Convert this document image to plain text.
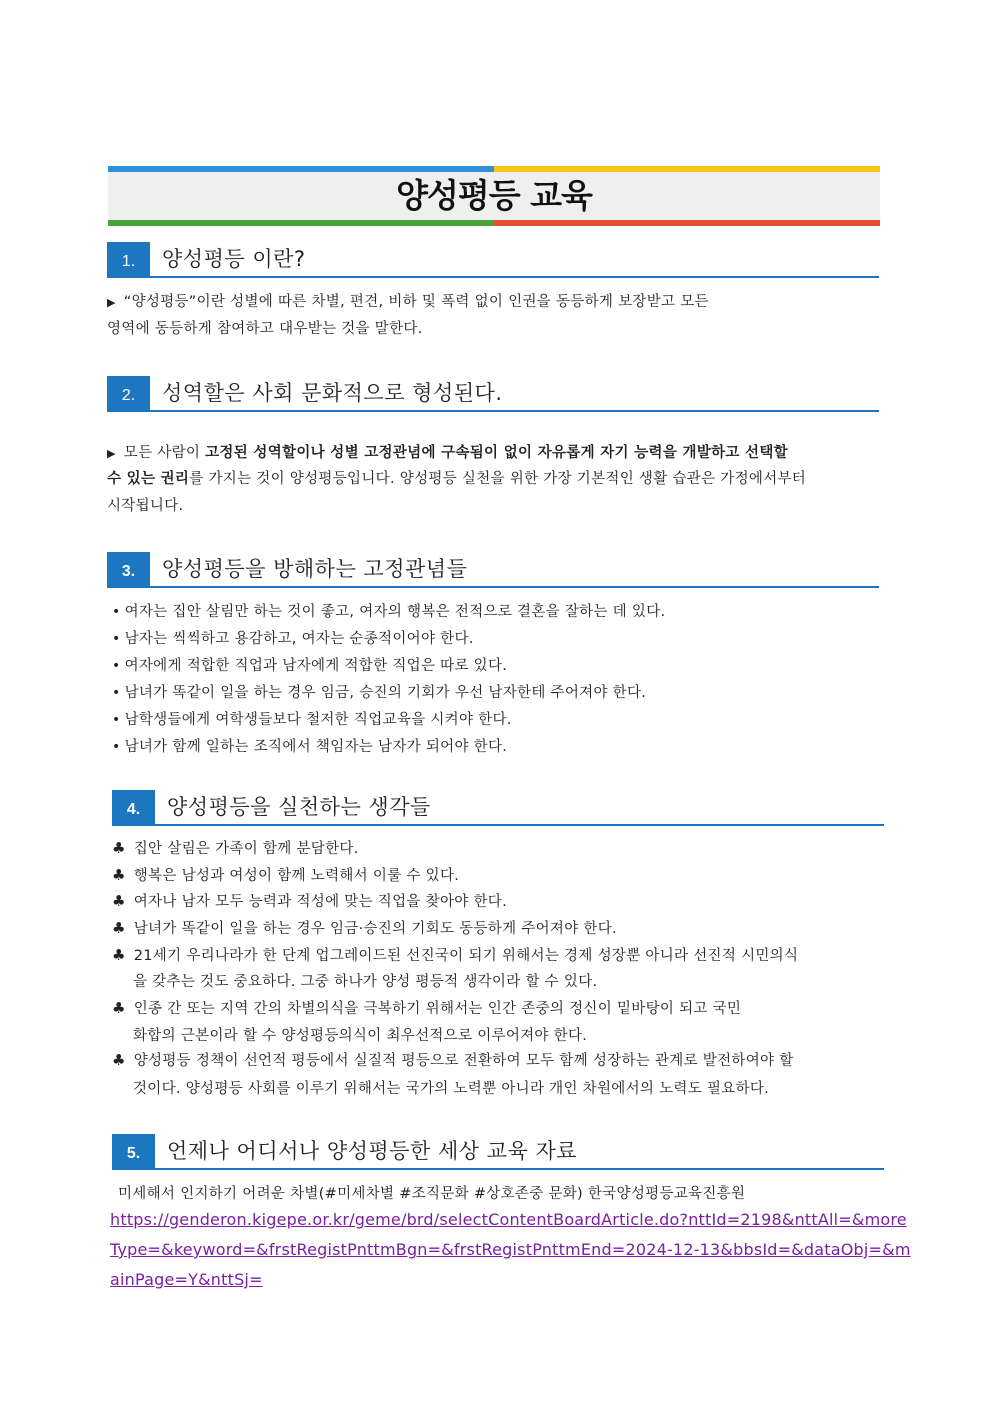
양성평등 교육
1.	양성평등 이란?
▶ “양성평등”이란 성별에 따른 차별, 편견, 비하 및 폭력 없이 인권을 동등하게 보장받고 모든
영역에 동등하게 참여하고 대우받는 것을 말한다.
2.	성역할은 사회 문화적으로 형성된다.
▶ 모든 사람이 고정된 성역할이나 성별 고정관념에 구속됨이 없이 자유롭게 자기 능력을 개발하고 선택할
수 있는 권리를 가지는 것이 양성평등입니다. 양성평등 실천을 위한 가장 기본적인 생활 습관은 가정에서부터
시작됩니다.
3.	양성평등을 방해하는 고정관념들
• 여자는 집안 살림만 하는 것이 좋고, 여자의 행복은 전적으로 결혼을 잘하는 데 있다.
• 남자는 씩씩하고 용감하고, 여자는 순종적이어야 한다.
• 여자에게 적합한 직업과 남자에게 적합한 직업은 따로 있다.
• 남녀가 똑같이 일을 하는 경우 임금, 승진의 기회가 우선 남자한테 주어져야 한다.
• 남학생들에게 여학생들보다 철저한 직업교육을 시켜야 한다.
• 남녀가 함께 일하는 조직에서 책임자는 남자가 되어야 한다.
4.	양성평등을 실천하는 생각들
♣ 집안 살림은 가족이 함께 분담한다.
♣ 행복은 남성과 여성이 함께 노력해서 이룰 수 있다.
♣ 여자나 남자 모두 능력과 적성에 맞는 직업을 찾아야 한다.
♣ 남녀가 똑같이 일을 하는 경우 임금·승진의 기회도 동등하게 주어져야 한다.
♣ 21세기 우리나라가 한 단계 업그레이드된 선진국이 되기 위해서는 경제 성장뿐 아니라 선진적 시민의식
을 갖추는 것도 중요하다. 그중 하나가 양성 평등적 생각이라 할 수 있다.
♣ 인종 간 또는 지역 간의 차별의식을 극복하기 위해서는 인간 존중의 정신이 밑바탕이 되고 국민
화합의 근본이라 할 수 양성평등의식이 최우선적으로 이루어져야 한다.
♣ 양성평등 정책이 선언적 평등에서 실질적 평등으로 전환하여 모두 함께 성장하는 관계로 발전하여야 할
것이다. 양성평등 사회를 이루기 위해서는 국가의 노력뿐 아니라 개인 차원에서의 노력도 필요하다.
5.	언제나 어디서나 양성평등한 세상 교육 자료
미세해서 인지하기 어려운 차별(#미세차별 #조직문화 #상호존중 문화) 한국양성평등교육진흥원
https://genderon.kigepe.or.kr/geme/brd/selectContentBoardArticle.do?nttId=2198&nttAll=&more
Type=&keyword=&frstRegistPnttmBgn=&frstRegistPnttmEnd=2024-12-13&bbsId=&dataObj=&m
ainPage=Y&nttSj=
